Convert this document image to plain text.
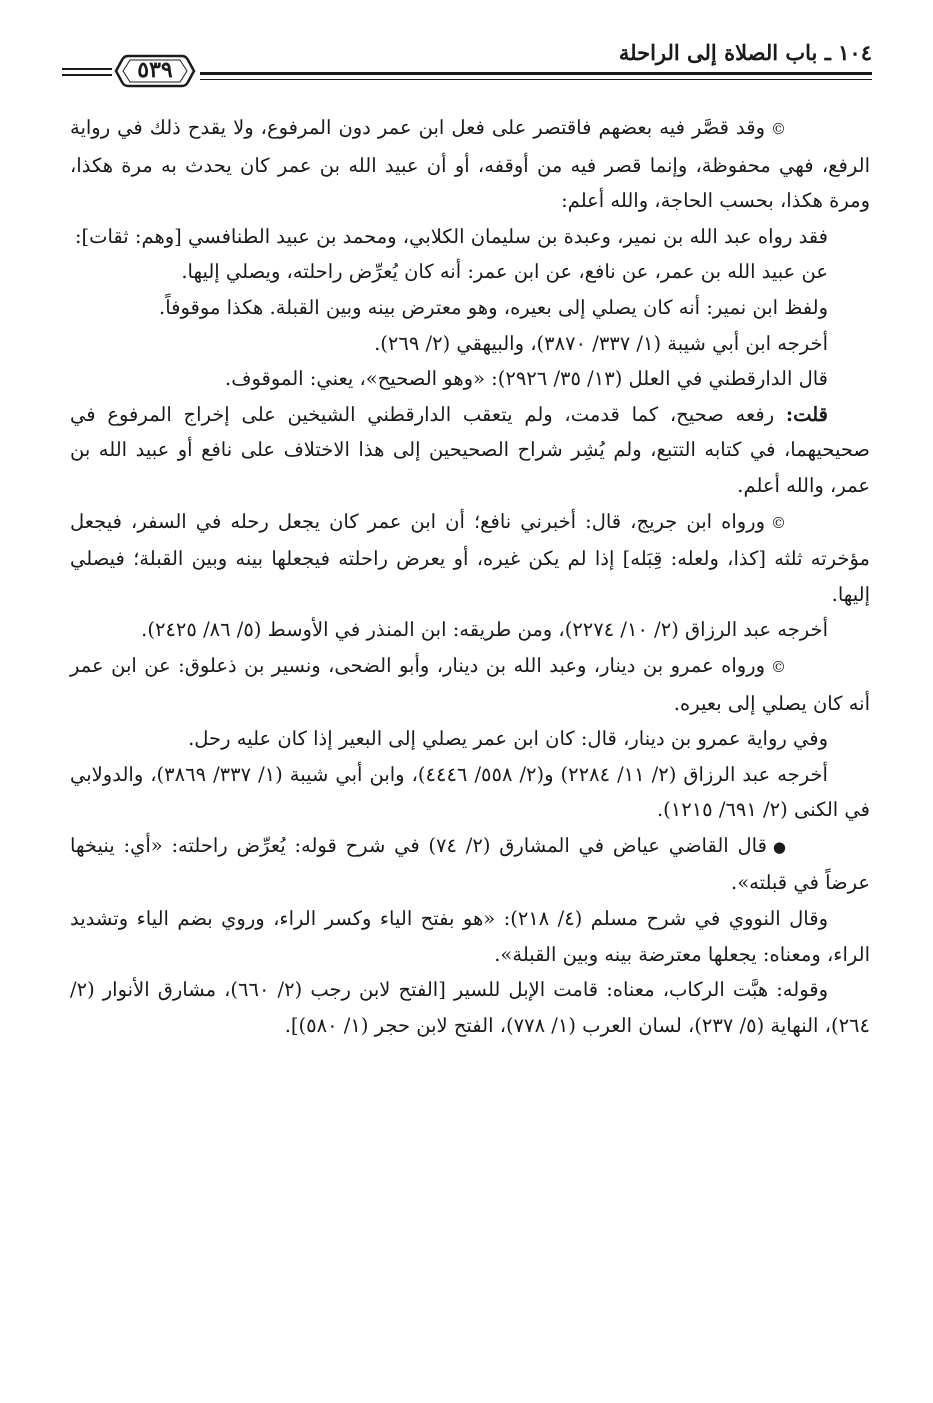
١٠٤ ـ باب الصلاة إلى الراحلة
٥٣٩

©وقد قصَّر فيه بعضهم فاقتصر على فعل ابن عمر دون المرفوع، ولا يقدح ذلك في رواية الرفع، فهي محفوظة، وإنما قصر فيه من أوقفه، أو أن عبيد الله بن عمر كان يحدث به مرة هكذا، ومرة هكذا، بحسب الحاجة، والله أعلم:

فقد رواه عبد الله بن نمير، وعبدة بن سليمان الكلابي، ومحمد بن عبيد الطنافسي [وهم: ثقات]:

عن عبيد الله بن عمر، عن نافع، عن ابن عمر: أنه كان يُعرِّض راحلته، ويصلي إليها.

ولفظ ابن نمير: أنه كان يصلي إلى بعيره، وهو معترض بينه وبين القبلة. هكذا موقوفاً.

أخرجه ابن أبي شيبة (١/ ٣٣٧/ ٣٨٧٠)، والبيهقي (٢/ ٢٦٩).

قال الدارقطني في العلل (١٣/ ٣٥/ ٢٩٢٦): «وهو الصحيح»، يعني: الموقوف.

قلت: رفعه صحيح، كما قدمت، ولم يتعقب الدارقطني الشيخين على إخراج المرفوع في صحيحيهما، في كتابه التتبع، ولم يُشِر شراح الصحيحين إلى هذا الاختلاف على نافع أو عبيد الله بن عمر، والله أعلم.

©ورواه ابن جريج، قال: أخبرني نافع؛ أن ابن عمر كان يجعل رحله في السفر، فيجعل مؤخرته ثلثه [كذا، ولعله: قِبَله] إذا لم يكن غيره، أو يعرض راحلته فيجعلها بينه وبين القبلة؛ فيصلي إليها.

أخرجه عبد الرزاق (٢/ ١٠/ ٢٢٧٤)، ومن طريقه: ابن المنذر في الأوسط (٥/ ٨٦/ ٢٤٢٥).

©ورواه عمرو بن دينار، وعبد الله بن دينار، وأبو الضحى، ونسير بن ذعلوق: عن ابن عمر أنه كان يصلي إلى بعيره.

وفي رواية عمرو بن دينار، قال: كان ابن عمر يصلي إلى البعير إذا كان عليه رحل.

أخرجه عبد الرزاق (٢/ ١١/ ٢٢٨٤) و(٢/ ٥٥٨/ ٤٤٤٦)، وابن أبي شيبة (١/ ٣٣٧/ ٣٨٦٩)، والدولابي في الكنى (٢/ ٦٩١/ ١٢١٥).

●قال القاضي عياض في المشارق (٢/ ٧٤) في شرح قوله: يُعرِّض راحلته: «أي: ينيخها عرضاً في قبلته».

وقال النووي في شرح مسلم (٤/ ٢١٨): «هو بفتح الياء وكسر الراء، وروي بضم الياء وتشديد الراء، ومعناه: يجعلها معترضة بينه وبين القبلة».

وقوله: هبَّت الركاب، معناه: قامت الإبل للسير [الفتح لابن رجب (٢/ ٦٦٠)، مشارق الأنوار (٢/ ٢٦٤)، النهاية (٥/ ٢٣٧)، لسان العرب (١/ ٧٧٨)، الفتح لابن حجر (١/ ٥٨٠)].
